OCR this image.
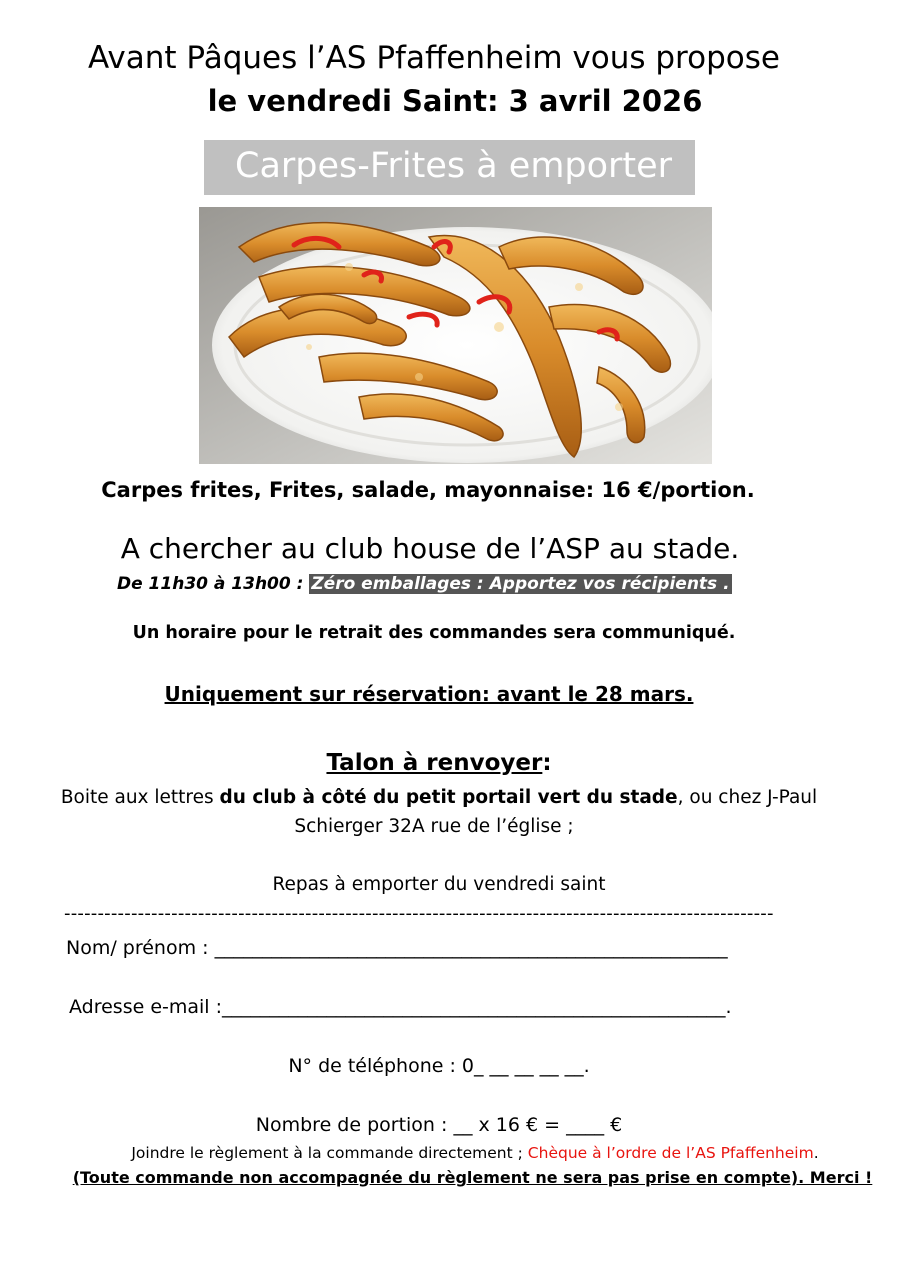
Avant Pâques l’AS Pfaffenheim vous propose
le vendredi Saint: 3 avril 2026
Carpes-Frites à emporter
Carpes frites, Frites, salade, mayonnaise: 16 €/portion.
A chercher au club house de l’ASP au stade.
De 11h30 à 13h00 : Zéro emballages : Apportez vos récipients .
Un horaire pour le retrait des commandes sera communiqué.
Uniquement sur réservation: avant le 28 mars.
Talon à renvoyer:
Boite aux lettres du club à côté du petit portail vert du stade, ou chez J-Paul
Schierger 32A rue de l’église ;
Repas à emporter du vendredi saint
----------------------------------------------------------------------------------------------------------
Nom/ prénom : ______________________________________________________
Adresse e-mail :_____________________________________________________.
N° de téléphone : 0_ __ __ __ __.
Nombre de portion : __ x 16 € = ____ €
Joindre le règlement à la commande directement ; Chèque à l’ordre de l’AS Pfaffenheim.
(Toute commande non accompagnée du règlement ne sera pas prise en compte). Merci !
